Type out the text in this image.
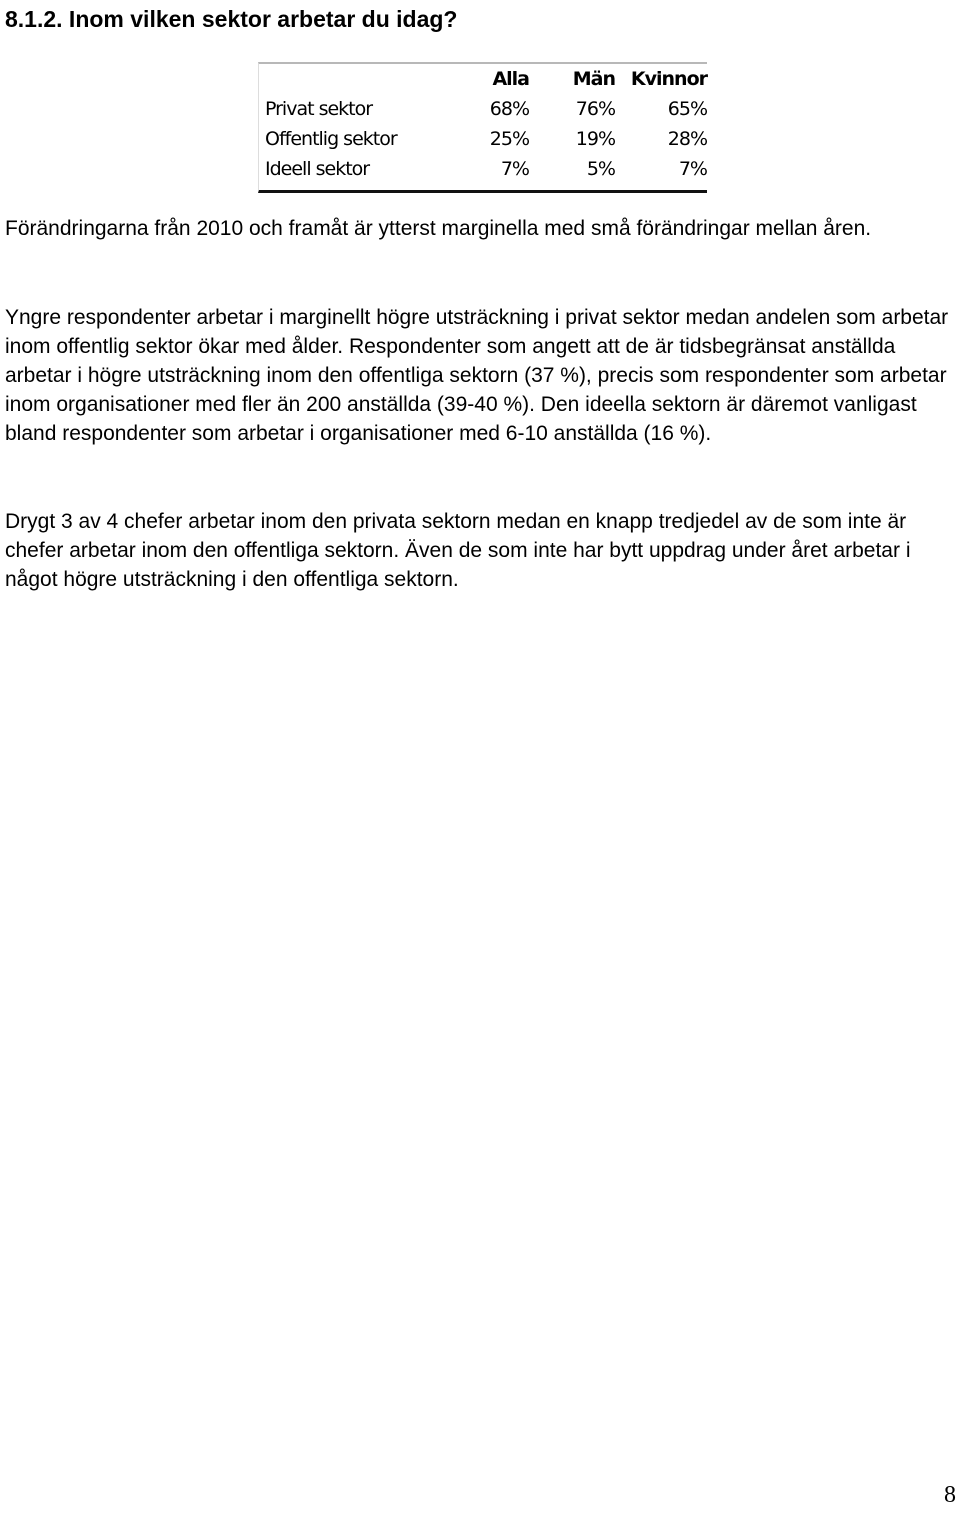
8.1.2. Inom vilken sektor arbetar du idag?
	Alla	Män	Kvinnor
Privat sektor	68%	76%	65%
Offentlig sektor	25%	19%	28%
Ideell sektor	7%	5%	7%

Förändringarna från 2010 och framåt är ytterst marginella med små förändringar mellan åren.

Yngre respondenter arbetar i marginellt högre utsträckning i privat sektor medan andelen som arbetar inom offentlig sektor ökar med ålder. Respondenter som angett att de är tidsbegränsat anställda arbetar i högre utsträckning inom den offentliga sektorn (37 %), precis som respondenter som arbetar inom organisationer med fler än 200 anställda (39-40 %). Den ideella sektorn är däremot vanligast bland respondenter som arbetar i organisationer med 6-10 anställda (16 %).

Drygt 3 av 4 chefer arbetar inom den privata sektorn medan en knapp tredjedel av de som inte är chefer arbetar inom den offentliga sektorn. Även de som inte har bytt uppdrag under året arbetar i något högre utsträckning i den offentliga sektorn.

8
